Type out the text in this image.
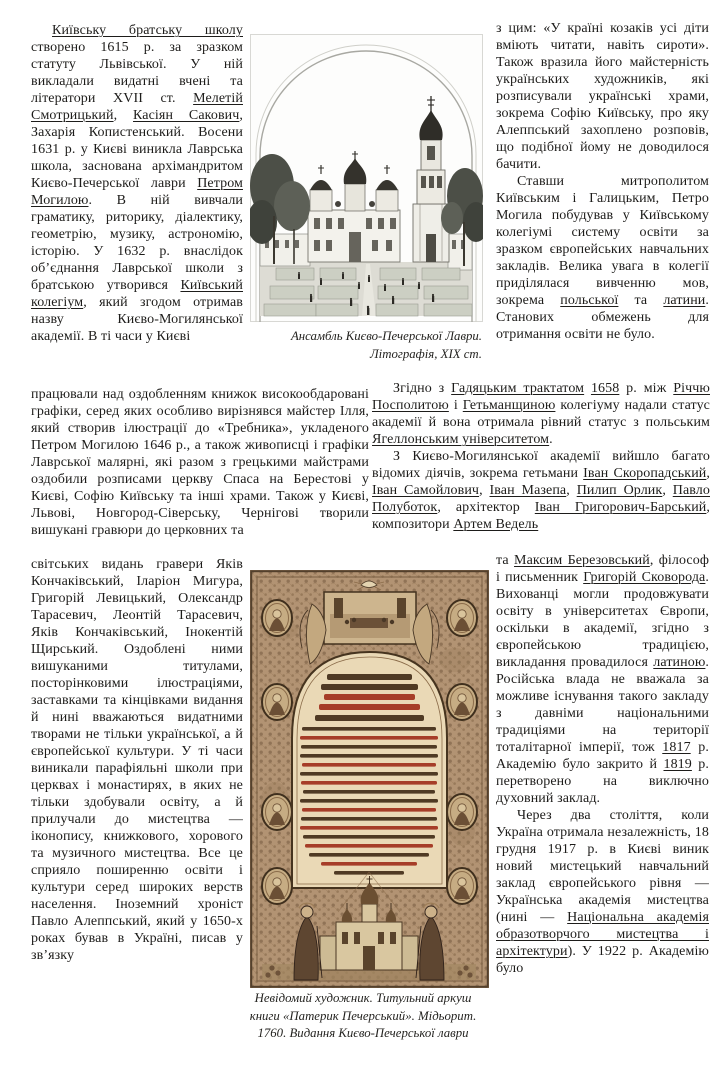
Київську братську школу створено 1615 р. за зразком статуту Львівської. У ній викладали видатні вчені та літератори XVII ст. Мелетій Смотрицький, Касіян Сакович, Захарія Копистенський. Восени 1631 р. у Києві виникла Лаврська школа, заснована архімандритом Києво-Печерської лаври Петром Могилою. В ній вивчали граматику, риторику, діалектику, геометрію, музику, астрономію, історію. У 1632 р. внаслідок об’єднання Лаврської школи з братською утворився Київський колегіум, який згодом отримав назву Києво-Могилянської академії. В ті часи у Києві	Ансамбль Києво-Печерської Лаври.
Літографія, XIX ст.

з цим: «У країні козаків усі діти вміють читати, навіть сироти». Також вразила його майстерність українських художників, які розписували українські храми, зокрема Софію Київську, про яку Алеппський захоплено розповів, що подібної йому не доводилося бачити.

Ставши митрополитом Київським і Галицьким, Петро Могила побудував у Київському колегіумі систему освіти за зразком європейських навчальних закладів. Велика увага в колегії приділялася вивченню мов, зокрема польської та латини. Станових обмежень для отримання освіти не було.

працювали над оздобленням книжок високообдаровані графіки, серед яких особливо вирізнявся майстер Ілля, який створив ілюстрації до «Требника», укладеного Петром Могилою 1646 р., а також живописці і графіки Лаврської малярні, які разом з грецькими майстрами оздобили розписами церкву Спаса на Берестові у Києві, Софію Київську та інші храми. Також у Києві, Львові, Новгород-Сіверську, Чернігові творили вишукані гравюри до церковних та

Згідно з Гадяцьким трактатом 1658 р. між Річчю Посполитою і Гетьманщиною колегіуму надали статус академії й вона отримала рівний статус з польським Ягеллонським університетом.

З Києво-Могилянської академії вийшло багато відомих діячів, зокрема гетьмани Іван Скоропадський, Іван Самойлович, Іван Мазепа, Пилип Орлик, Павло Полуботок, архітектор Іван Григорович-Барський, композитори Артем Ведель

світських видань гравери Яків Кончаківський, Іларіон Мигура, Григорій Левицький, Олександр Тарасевич, Леонтій Тарасевич, Яків Кончаківський, Інокентій Щирський. Оздоблені ними вишуканими титулами, посторінковими ілюстраціями, заставками та кінцівками видання й нині вважаються видатними творами не тільки української, а й європейської культури. У ті часи виникали парафіяльні школи при церквах і монастирях, в яких не тільки здобували освіту, а й прилучали до мистецтва — іконопису, книжкового, хорового та музичного мистецтва. Все це сприяло поширенню освіти і культури серед широких верств населення. Іноземний хроніст Павло Алеппський, який у 1650-х роках бував в Україні, писав у зв’язку

Невідомий художник. Титульний аркуш
книги «Патерик Печерський». Мідьорит.
1760. Видання Києво-Печерської лаври

та Максим Березовський, філософ і письменник Григорій Сковорода. Вихованці могли продовжувати освіту в університетах Європи, оскільки в академії, згідно з європейською традицією, викладання провадилося латиною. Російська влада не вважала за можливе існування такого закладу з давніми національними традиціями на території тоталітарної імперії, тож 1817 р. Академію було закрито й 1819 р. перетворено на виключно духовний заклад.

Через два століття, коли Україна отримала незалежність, 18 грудня 1917 р. в Києві виник новий мистецький навчальний заклад європейського рівня — Українська академія мистецтва (нині — Національна академія образотворчого мистецтва і архітектури). У 1922 р. Академію було
